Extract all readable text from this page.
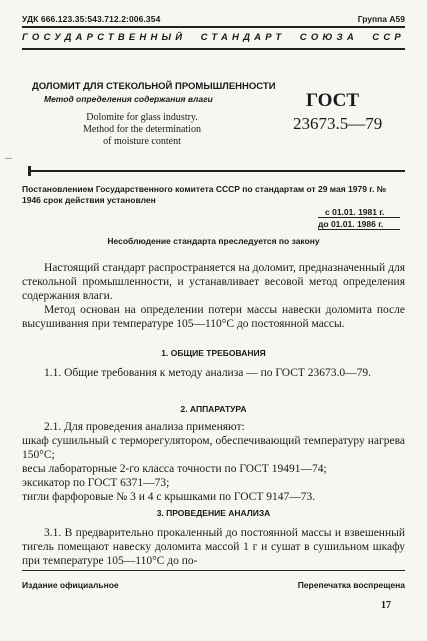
УДК 666.123.35:543.712.2:006.354	Группа А59
ГОСУДАРСТВЕННЫЙ СТАНДАРТ СОЮЗА ССР
ДОЛОМИТ ДЛЯ СТЕКОЛЬНОЙ ПРОМЫШЛЕННОСТИ
Метод определения содержания влаги
Dolomite for glass industry.
Method for the determination
of moisture content
ГОСТ
23673.5—79
‿
Постановлением Государственного комитета СССР по стандартам от 29 мая 1979 г. № 1946 срок действия установлен
с 01.01. 1981 г.
до 01.01. 1986 г.
Несоблюдение стандарта преследуется по закону
Настоящий стандарт распространяется на доломит, предназначенный для стекольной промышленности, и устанавливает весовой метод определения содержания влаги.
Метод основан на определении потери массы навески доломита после высушивания при температуре 105—110°С до постоянной массы.
1. ОБЩИЕ ТРЕБОВАНИЯ
1.1. Общие требования к методу анализа — по ГОСТ 23673.0—79.
2. АППАРАТУРА
2.1. Для проведения анализа применяют:
шкаф сушильный с терморегулятором, обеспечивающий температуру нагрева 150°С;
весы лабораторные 2-го класса точности по ГОСТ 19491—74;
эксикатор по ГОСТ 6371—73;
тигли фарфоровые № 3 и 4 с крышками по ГОСТ 9147—73.
3. ПРОВЕДЕНИЕ АНАЛИЗА
3.1. В предварительно прокаленный до постоянной массы и взвешенный тигель помещают навеску доломита массой 1 г и сушат в сушильном шкафу при температуре 105—110°С до по-
Издание официальное	Перепечатка воспрещена
17
